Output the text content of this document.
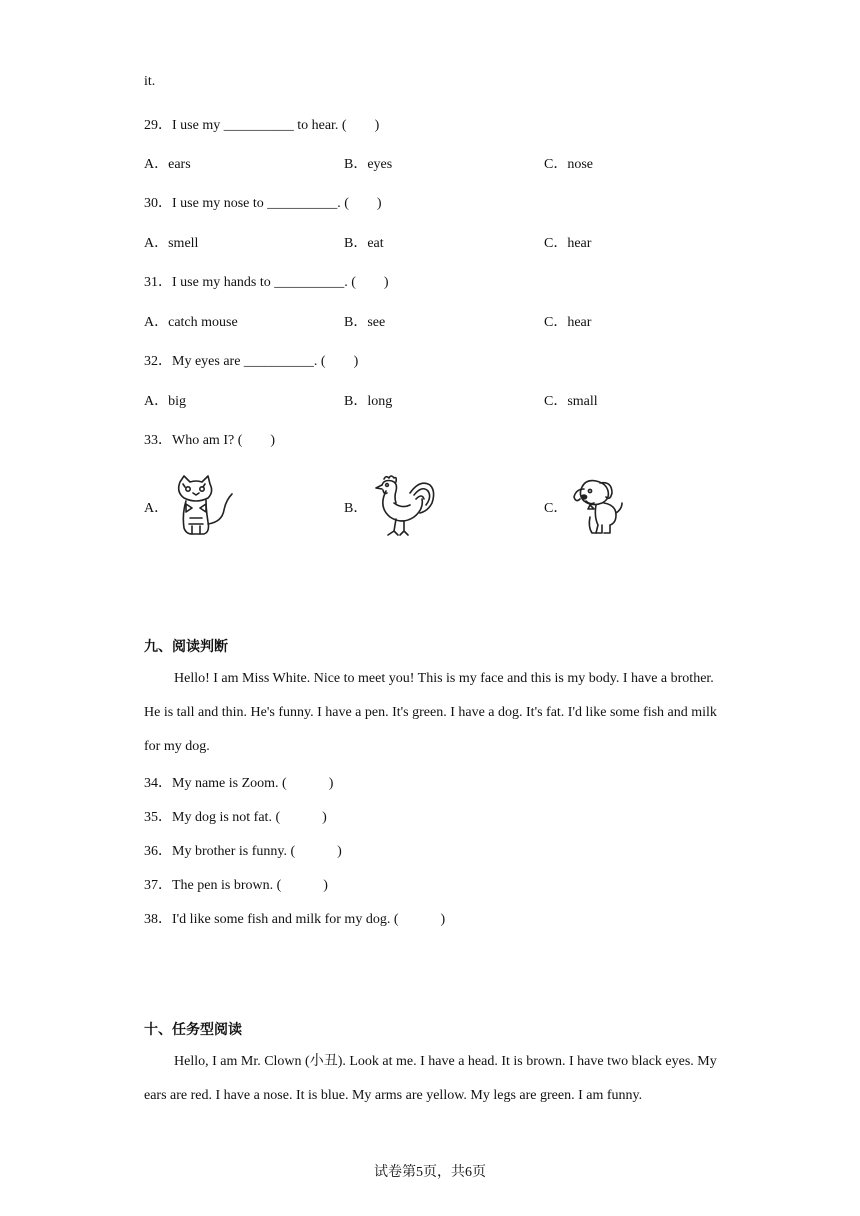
it.
29．I use my __________ to hear. (　　)
A．ears	B．eyes	C．nose
30．I use my nose to __________. (　　)
A．smell	B．eat	C．hear
31．I use my hands to __________. (　　)
A．catch mouse	B．see	C．hear
32．My eyes are __________. (　　)
A．big	B．long	C．small
33．Who am I? (　　)
A．	B．	C．
九、阅读判断
Hello! I am Miss White. Nice to meet you! This is my face and this is my body. I have a brother. He is tall and thin. He's funny. I have a pen. It's green. I have a dog. It's fat. I'd like some fish and milk for my dog.
34．My name is Zoom. (　　　)
35．My dog is not fat. (　　　)
36．My brother is funny. (　　　)
37．The pen is brown. (　　　)
38．I'd like some fish and milk for my dog. (　　　)
十、任务型阅读
Hello, I am Mr. Clown (小丑). Look at me. I have a head. It is brown. I have two black eyes. My ears are red. I have a nose. It is blue. My arms are yellow. My legs are green. I am funny.
试卷第5页，共6页
